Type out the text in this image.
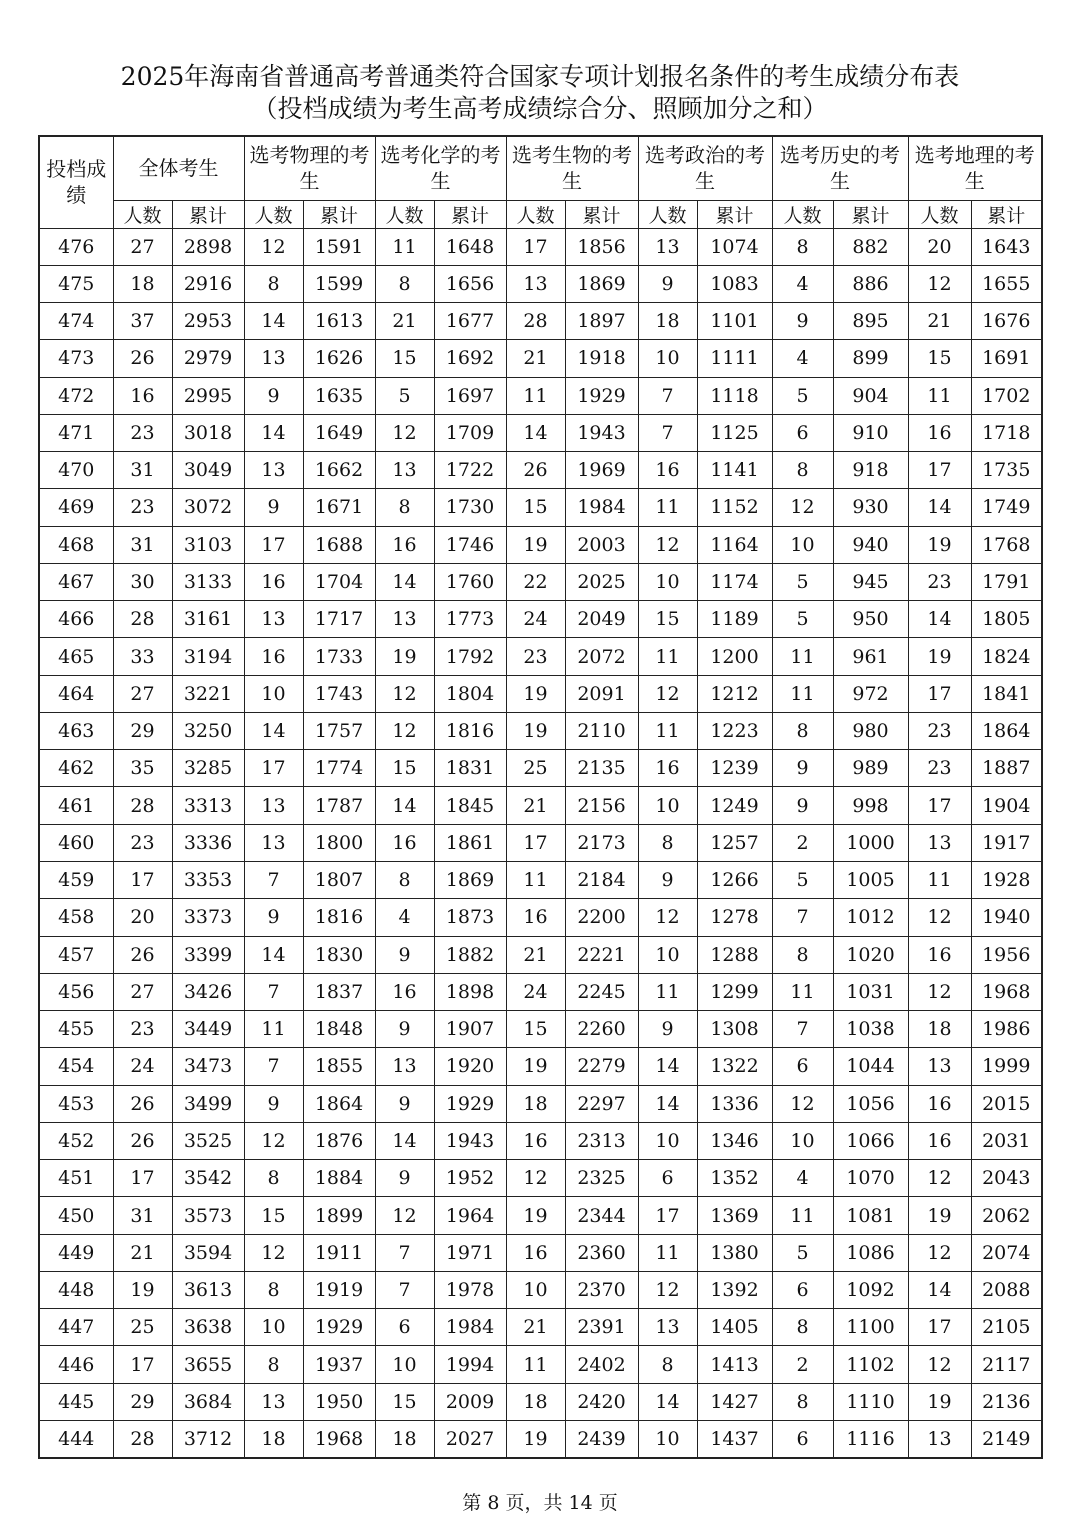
2025年海南省普通高考普通类符合国家专项计划报名条件的考生成绩分布表
（投档成绩为考生高考成绩综合分、照顾加分之和）
投档成绩	全体考生		选考物理的考生		选考化学的考生		选考生物的考生		选考政治的考生		选考历史的考生		选考地理的考生	
	人数	累计	人数	累计	人数	累计	人数	累计	人数	累计	人数	累计	人数	累计
476	27	2898	12	1591	11	1648	17	1856	13	1074	8	882	20	1643
475	18	2916	8	1599	8	1656	13	1869	9	1083	4	886	12	1655
474	37	2953	14	1613	21	1677	28	1897	18	1101	9	895	21	1676
473	26	2979	13	1626	15	1692	21	1918	10	1111	4	899	15	1691
472	16	2995	9	1635	5	1697	11	1929	7	1118	5	904	11	1702
471	23	3018	14	1649	12	1709	14	1943	7	1125	6	910	16	1718
470	31	3049	13	1662	13	1722	26	1969	16	1141	8	918	17	1735
469	23	3072	9	1671	8	1730	15	1984	11	1152	12	930	14	1749
468	31	3103	17	1688	16	1746	19	2003	12	1164	10	940	19	1768
467	30	3133	16	1704	14	1760	22	2025	10	1174	5	945	23	1791
466	28	3161	13	1717	13	1773	24	2049	15	1189	5	950	14	1805
465	33	3194	16	1733	19	1792	23	2072	11	1200	11	961	19	1824
464	27	3221	10	1743	12	1804	19	2091	12	1212	11	972	17	1841
463	29	3250	14	1757	12	1816	19	2110	11	1223	8	980	23	1864
462	35	3285	17	1774	15	1831	25	2135	16	1239	9	989	23	1887
461	28	3313	13	1787	14	1845	21	2156	10	1249	9	998	17	1904
460	23	3336	13	1800	16	1861	17	2173	8	1257	2	1000	13	1917
459	17	3353	7	1807	8	1869	11	2184	9	1266	5	1005	11	1928
458	20	3373	9	1816	4	1873	16	2200	12	1278	7	1012	12	1940
457	26	3399	14	1830	9	1882	21	2221	10	1288	8	1020	16	1956
456	27	3426	7	1837	16	1898	24	2245	11	1299	11	1031	12	1968
455	23	3449	11	1848	9	1907	15	2260	9	1308	7	1038	18	1986
454	24	3473	7	1855	13	1920	19	2279	14	1322	6	1044	13	1999
453	26	3499	9	1864	9	1929	18	2297	14	1336	12	1056	16	2015
452	26	3525	12	1876	14	1943	16	2313	10	1346	10	1066	16	2031
451	17	3542	8	1884	9	1952	12	2325	6	1352	4	1070	12	2043
450	31	3573	15	1899	12	1964	19	2344	17	1369	11	1081	19	2062
449	21	3594	12	1911	7	1971	16	2360	11	1380	5	1086	12	2074
448	19	3613	8	1919	7	1978	10	2370	12	1392	6	1092	14	2088
447	25	3638	10	1929	6	1984	21	2391	13	1405	8	1100	17	2105
446	17	3655	8	1937	10	1994	11	2402	8	1413	2	1102	12	2117
445	29	3684	13	1950	15	2009	18	2420	14	1427	8	1110	19	2136
444	28	3712	18	1968	18	2027	19	2439	10	1437	6	1116	13	2149
第 8 页，共 14 页
